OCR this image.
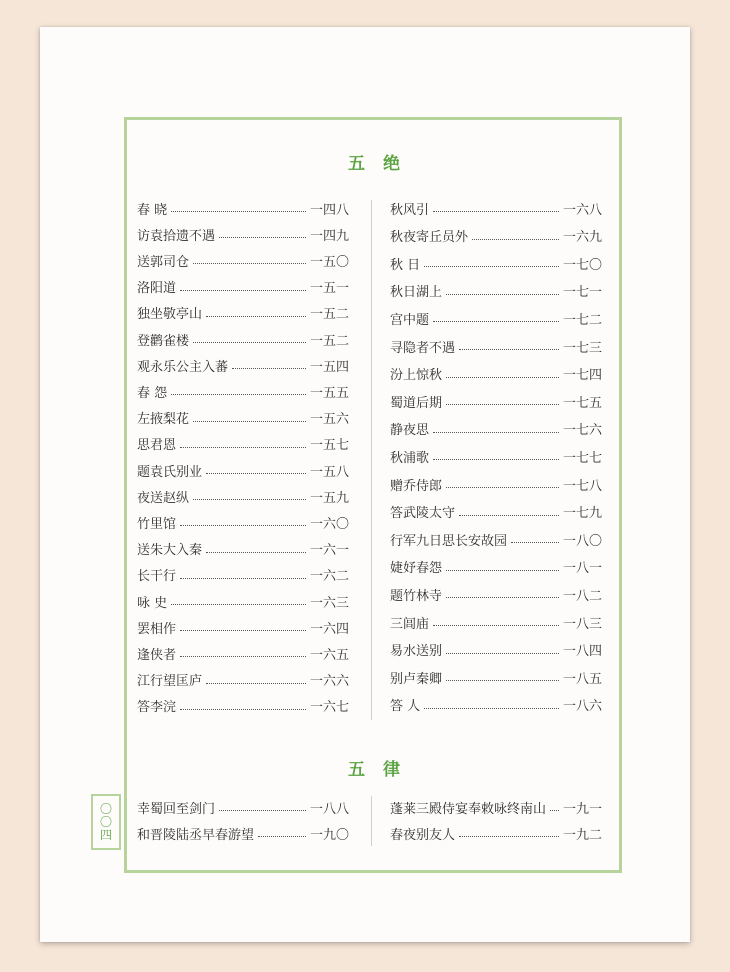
五绝
春 晓	一四八
访袁拾遗不遇	一四九
送郭司仓	一五〇
洛阳道	一五一
独坐敬亭山	一五二
登鹳雀楼	一五二
观永乐公主入蕃	一五四
春 怨	一五五
左掖梨花	一五六
思君恩	一五七
题袁氏别业	一五八
夜送赵纵	一五九
竹里馆	一六〇
送朱大入秦	一六一
长干行	一六二
咏 史	一六三
罢相作	一六四
逢侠者	一六五
江行望匡庐	一六六
答李浣	一六七
秋风引	一六八
秋夜寄丘员外	一六九
秋 日	一七〇
秋日湖上	一七一
宫中题	一七二
寻隐者不遇	一七三
汾上惊秋	一七四
蜀道后期	一七五
静夜思	一七六
秋浦歌	一七七
赠乔侍郎	一七八
答武陵太守	一七九
行军九日思长安故园	一八〇
婕妤春怨	一八一
题竹林寺	一八二
三闾庙	一八三
易水送别	一八四
别卢秦卿	一八五
答 人	一八六
五律
幸蜀回至剑门	一八八
和晋陵陆丞早春游望	一九〇
蓬莱三殿侍宴奉敕咏终南山 一九一
春夜别友人	一九二
〇
〇
四
